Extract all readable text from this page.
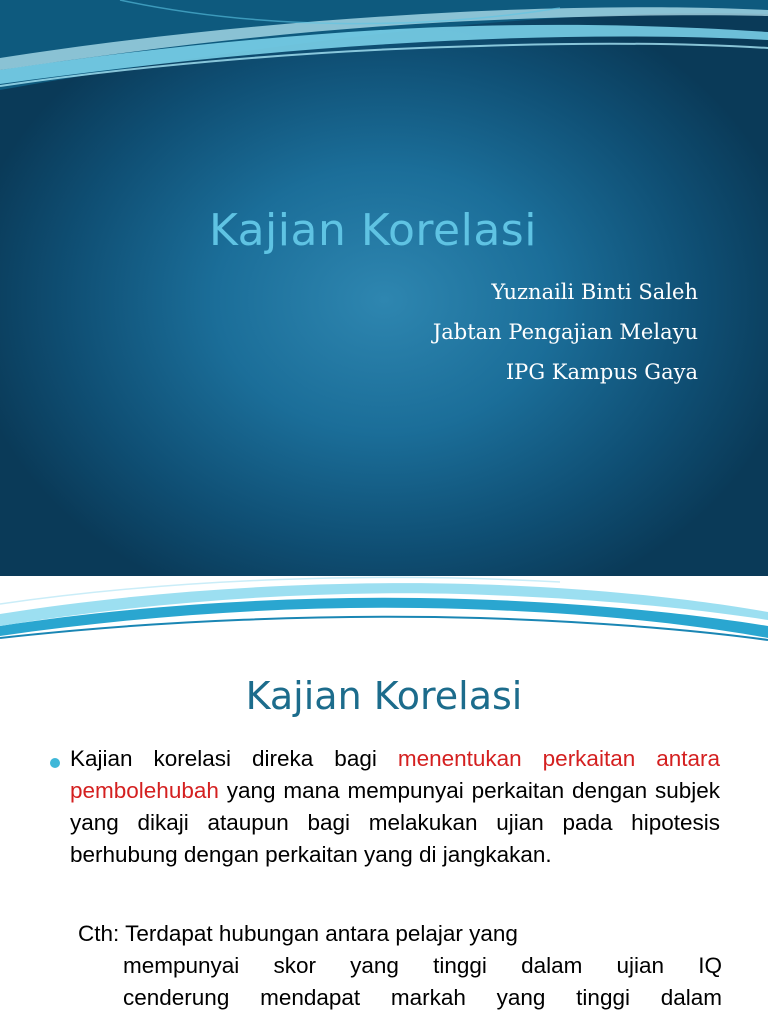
Kajian Korelasi
Yuznaili Binti Saleh
Jabtan Pengajian Melayu
IPG Kampus Gaya
Kajian Korelasi

Kajian korelasi direka bagi menentukan perkaitan antara pembolehubah yang mana mempunyai perkaitan dengan subjek yang dikaji ataupun bagi melakukan ujian pada hipotesis berhubung dengan perkaitan yang di jangkakan.

Cth: Terdapat hubungan antara pelajar yang
mempunyai skor yang tinggi dalam ujian IQ
cenderung mendapat markah yang tinggi dalam
